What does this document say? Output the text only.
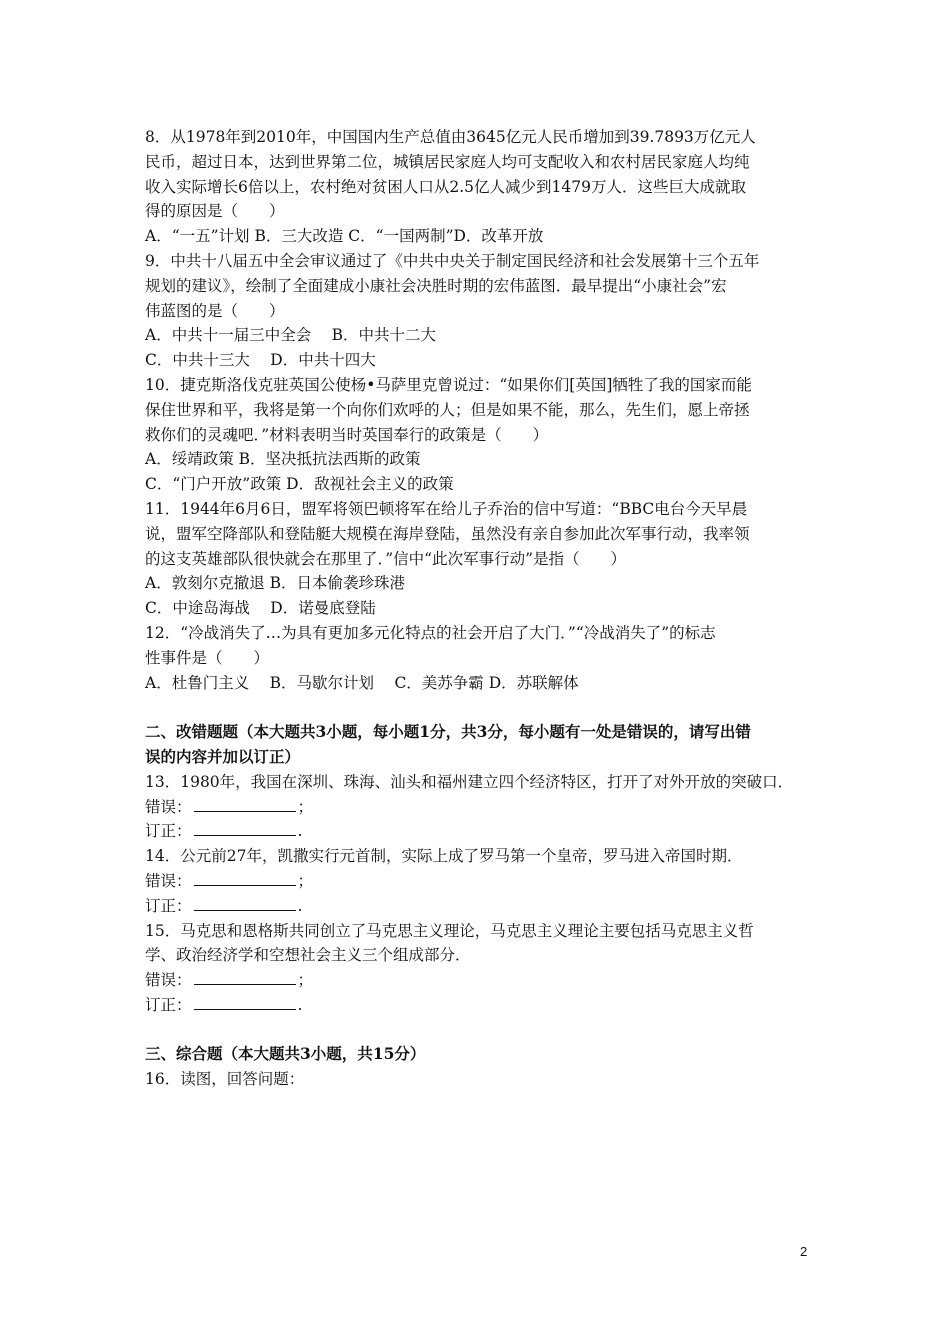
8．从1978年到2010年，中国国内生产总值由3645亿元人民币增加到39.7893万亿元人
民币，超过日本，达到世界第二位，城镇居民家庭人均可支配收入和农村居民家庭人均纯
收入实际增长6倍以上，农村绝对贫困人口从2.5亿人减少到1479万人．这些巨大成就取
得的原因是（　　）
A．“一五”计划 B．三大改造 C．“一国两制”D．改革开放
9．中共十八届五中全会审议通过了《中共中央关于制定国民经济和社会发展第十三个五年
规划的建议》，绘制了全面建成小康社会决胜时期的宏伟蓝图．最早提出“小康社会”宏
伟蓝图的是（　　）
A．中共十一届三中全会　 B．中共十二大
C．中共十三大　 D．中共十四大
10．捷克斯洛伐克驻英国公使杨•马萨里克曾说过：“如果你们[英国]牺牲了我的国家而能
保住世界和平，我将是第一个向你们欢呼的人；但是如果不能，那么，先生们，愿上帝拯
救你们的灵魂吧．”材料表明当时英国奉行的政策是（　　）
A．绥靖政策 B．坚决抵抗法西斯的政策
C．“门户开放”政策 D．敌视社会主义的政策
11．1944年6月6日，盟军将领巴顿将军在给儿子乔治的信中写道：“BBC电台今天早晨
说，盟军空降部队和登陆艇大规模在海岸登陆，虽然没有亲自参加此次军事行动，我率领
的这支英雄部队很快就会在那里了．”信中“此次军事行动”是指（　　）
A．敦刻尔克撤退 B．日本偷袭珍珠港
C．中途岛海战　 D．诺曼底登陆
12．“冷战消失了…为具有更加多元化特点的社会开启了大门．”“冷战消失了”的标志
性事件是（　　）
A．杜鲁门主义　 B．马歇尔计划　 C．美苏争霸 D．苏联解体
二、改错题题（本大题共3小题，每小题1分，共3分，每小题有一处是错误的，请写出错
误的内容并加以订正）
13．1980年，我国在深圳、珠海、汕头和福州建立四个经济特区，打开了对外开放的突破口．
错误：	；
订正：	.
14．公元前27年，凯撒实行元首制，实际上成了罗马第一个皇帝，罗马进入帝国时期．
错误：	；
订正：	.
15．马克思和恩格斯共同创立了马克思主义理论，马克思主义理论主要包括马克思主义哲
学、政治经济学和空想社会主义三个组成部分．
错误：	；
订正：	.
三、综合题（本大题共3小题，共15分）
16．读图，回答问题：
2
